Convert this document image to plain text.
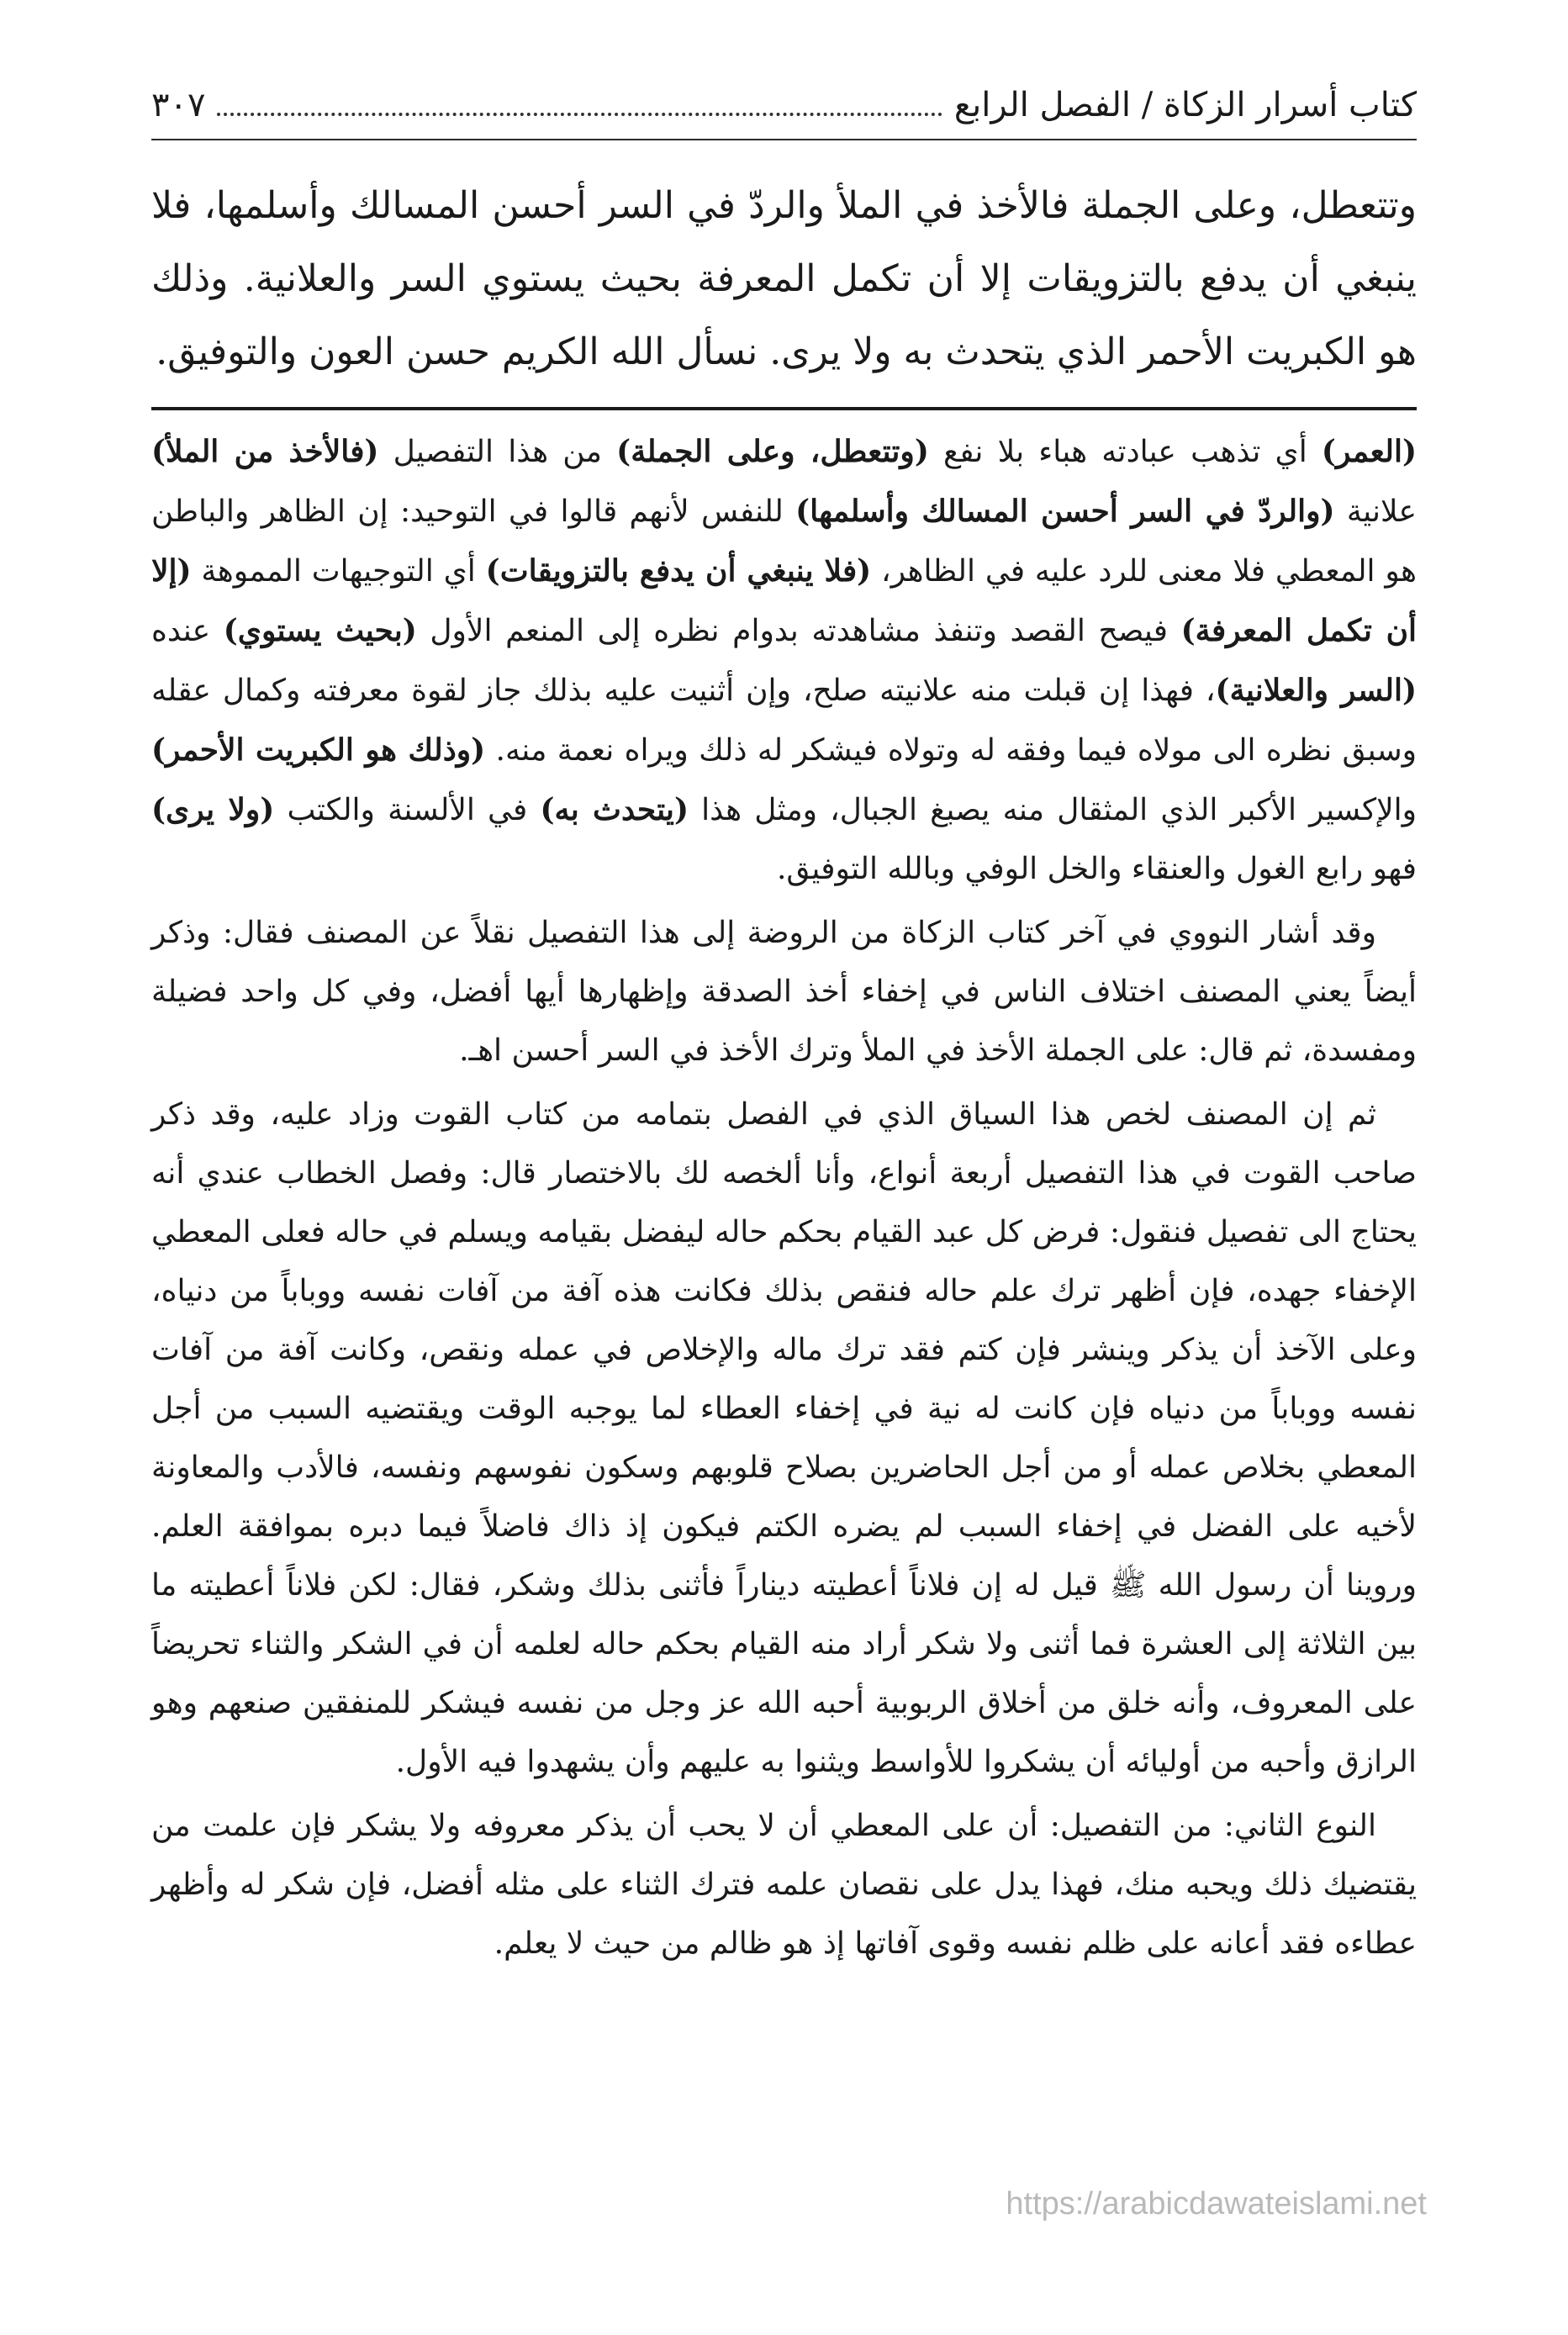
كتاب أسرار الزكاة / الفصل الرابع
٣٠٧

وتتعطل، وعلى الجملة فالأخذ في الملأ والردّ في السر أحسن المسالك وأسلمها، فلا ينبغي أن يدفع بالتزويقات إلا أن تكمل المعرفة بحيث يستوي السر والعلانية. وذلك هو الكبريت الأحمر الذي يتحدث به ولا يرى. نسأل الله الكريم حسن العون والتوفيق.

(العمر) أي تذهب عبادته هباء بلا نفع (وتتعطل، وعلى الجملة) من هذا التفصيل (فالأخذ من الملأ) علانية (والردّ في السر أحسن المسالك وأسلمها) للنفس لأنهم قالوا في التوحيد: إن الظاهر والباطن هو المعطي فلا معنى للرد عليه في الظاهر، (فلا ينبغي أن يدفع بالتزويقات) أي التوجيهات المموهة (إلا أن تكمل المعرفة) فيصح القصد وتنفذ مشاهدته بدوام نظره إلى المنعم الأول (بحيث يستوي) عنده (السر والعلانية)، فهذا إن قبلت منه علانيته صلح، وإن أثنيت عليه بذلك جاز لقوة معرفته وكمال عقله وسبق نظره الى مولاه فيما وفقه له وتولاه فيشكر له ذلك ويراه نعمة منه. (وذلك هو الكبريت الأحمر) والإكسير الأكبر الذي المثقال منه يصبغ الجبال، ومثل هذا (يتحدث به) في الألسنة والكتب (ولا يرى) فهو رابع الغول والعنقاء والخل الوفي وبالله التوفيق.

وقد أشار النووي في آخر كتاب الزكاة من الروضة إلى هذا التفصيل نقلاً عن المصنف فقال: وذكر أيضاً يعني المصنف اختلاف الناس في إخفاء أخذ الصدقة وإظهارها أيها أفضل، وفي كل واحد فضيلة ومفسدة، ثم قال: على الجملة الأخذ في الملأ وترك الأخذ في السر أحسن اهـ.

ثم إن المصنف لخص هذا السياق الذي في الفصل بتمامه من كتاب القوت وزاد عليه، وقد ذكر صاحب القوت في هذا التفصيل أربعة أنواع، وأنا ألخصه لك بالاختصار قال: وفصل الخطاب عندي أنه يحتاج الى تفصيل فنقول: فرض كل عبد القيام بحكم حاله ليفضل بقيامه ويسلم في حاله فعلى المعطي الإخفاء جهده، فإن أظهر ترك علم حاله فنقص بذلك فكانت هذه آفة من آفات نفسه ووباباً من دنياه، وعلى الآخذ أن يذكر وينشر فإن كتم فقد ترك ماله والإخلاص في عمله ونقص، وكانت آفة من آفات نفسه ووباباً من دنياه فإن كانت له نية في إخفاء العطاء لما يوجبه الوقت ويقتضيه السبب من أجل المعطي بخلاص عمله أو من أجل الحاضرين بصلاح قلوبهم وسكون نفوسهم ونفسه، فالأدب والمعاونة لأخيه على الفضل في إخفاء السبب لم يضره الكتم فيكون إذ ذاك فاضلاً فيما دبره بموافقة العلم. وروينا أن رسول الله ﷺ قيل له إن فلاناً أعطيته ديناراً فأثنى بذلك وشكر، فقال: لكن فلاناً أعطيته ما بين الثلاثة إلى العشرة فما أثنى ولا شكر أراد منه القيام بحكم حاله لعلمه أن في الشكر والثناء تحريضاً على المعروف، وأنه خلق من أخلاق الربوبية أحبه الله عز وجل من نفسه فيشكر للمنفقين صنعهم وهو الرازق وأحبه من أوليائه أن يشكروا للأواسط ويثنوا به عليهم وأن يشهدوا فيه الأول.

النوع الثاني: من التفصيل: أن على المعطي أن لا يحب أن يذكر معروفه ولا يشكر فإن علمت من يقتضيك ذلك ويحبه منك، فهذا يدل على نقصان علمه فترك الثناء على مثله أفضل، فإن شكر له وأظهر عطاءه فقد أعانه على ظلم نفسه وقوى آفاتها إذ هو ظالم من حيث لا يعلم.

https://arabicdawateislami.net
